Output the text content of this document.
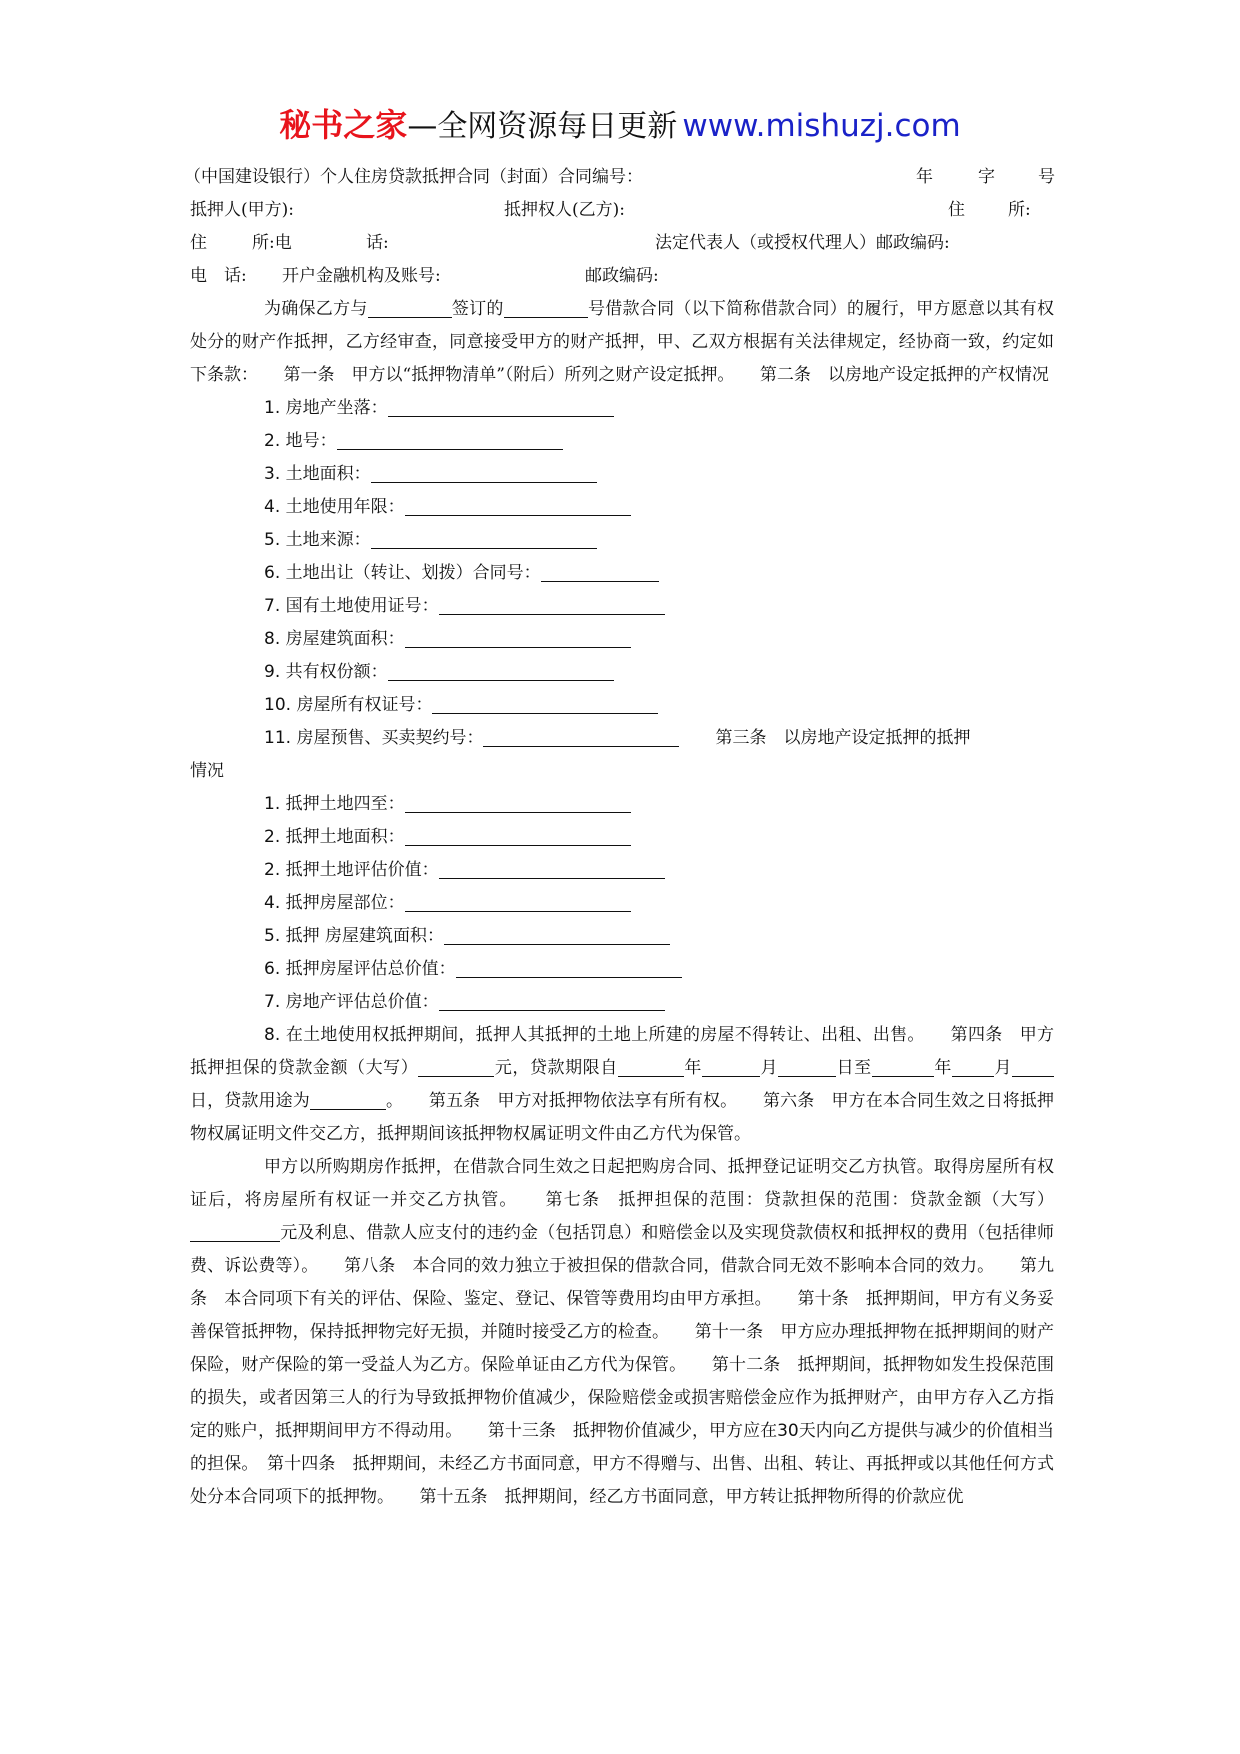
秘书之家—全网资源每日更新 www.mishuzj.com
（中国建设银行）个人住房贷款抵押合同（封面）合同编号：	年	字	号
抵押人(甲方):	抵押权人(乙方):	住	所:
住	所:电	话:	法定代表人（或授权代理人）邮政编码:
电 话: 开户金融机构及账号:	邮政编码:

为确保乙方与	签订的	号借款合同（以下简称借款合同）的履行，甲方愿意以其有权处分的财产作抵押，乙方经审查，同意接受甲方的财产抵押，甲、乙双方根据有关法律规定，经协商一致，约定如下条款：　　第一条　甲方以“抵押物清单”（附后）所列之财产设定抵押。　　第二条　以房地产设定抵押的产权情况

1. 房地产坐落：
2. 地号：
3. 土地面积：
4. 土地使用年限：
5. 土地来源：
6. 土地出让（转让、划拨）合同号：
7. 国有土地使用证号：
8. 房屋建筑面积：
9. 共有权份额：
10. 房屋所有权证号：
11. 房屋预售、买卖契约号：	第三条　以房地产设定抵押的抵押
情况
1. 抵押土地四至：
2. 抵押土地面积：
2. 抵押土地评估价值：
4. 抵押房屋部位：
5. 抵押 房屋建筑面积：
6. 抵押房屋评估总价值：
7. 房地产评估总价值：

8. 在土地使用权抵押期间，抵押人其抵押的土地上所建的房屋不得转让、出租、出售。　　第四条　甲方抵押担保的贷款金额（大写）	元，贷款期限自	年	月	日至	年 月日，贷款用途为	。　　第五条　甲方对抵押物依法享有所有权。　　第六条　甲方在本合同生效之日将抵押物权属证明文件交乙方，抵押期间该抵押物权属证明文件由乙方代为保管。

甲方以所购期房作抵押，在借款合同生效之日起把购房合同、抵押登记证明交乙方执管。取得房屋所有权证后，将房屋所有权证一并交乙方执管。　　第七条　抵押担保的范围：贷款担保的范围：贷款金额（大写）元及利息、借款人应支付的违约金（包括罚息）和赔偿金以及实现贷款债权和抵押权的费用（包括律师费、诉讼费等）。　　第八条　本合同的效力独立于被担保的借款合同，借款合同无效不影响本合同的效力。　　第九条　本合同项下有关的评估、保险、鉴定、登记、保管等费用均由甲方承担。　　第十条　抵押期间，甲方有义务妥善保管抵押物，保持抵押物完好无损，并随时接受乙方的检查。　　第十一条　甲方应办理抵押物在抵押期间的财产保险，财产保险的第一受益人为乙方。保险单证由乙方代为保管。　　第十二条　抵押期间，抵押物如发生投保范围的损失，或者因第三人的行为导致抵押物价值减少，保险赔偿金或损害赔偿金应作为抵押财产，由甲方存入乙方指定的账户，抵押期间甲方不得动用。　　第十三条　抵押物价值减少，甲方应在30天内向乙方提供与减少的价值相当的担保。　第十四条　抵押期间，未经乙方书面同意，甲方不得赠与、出售、出租、转让、再抵押或以其他任何方式处分本合同项下的抵押物。　　第十五条　抵押期间，经乙方书面同意，甲方转让抵押物所得的价款应优
